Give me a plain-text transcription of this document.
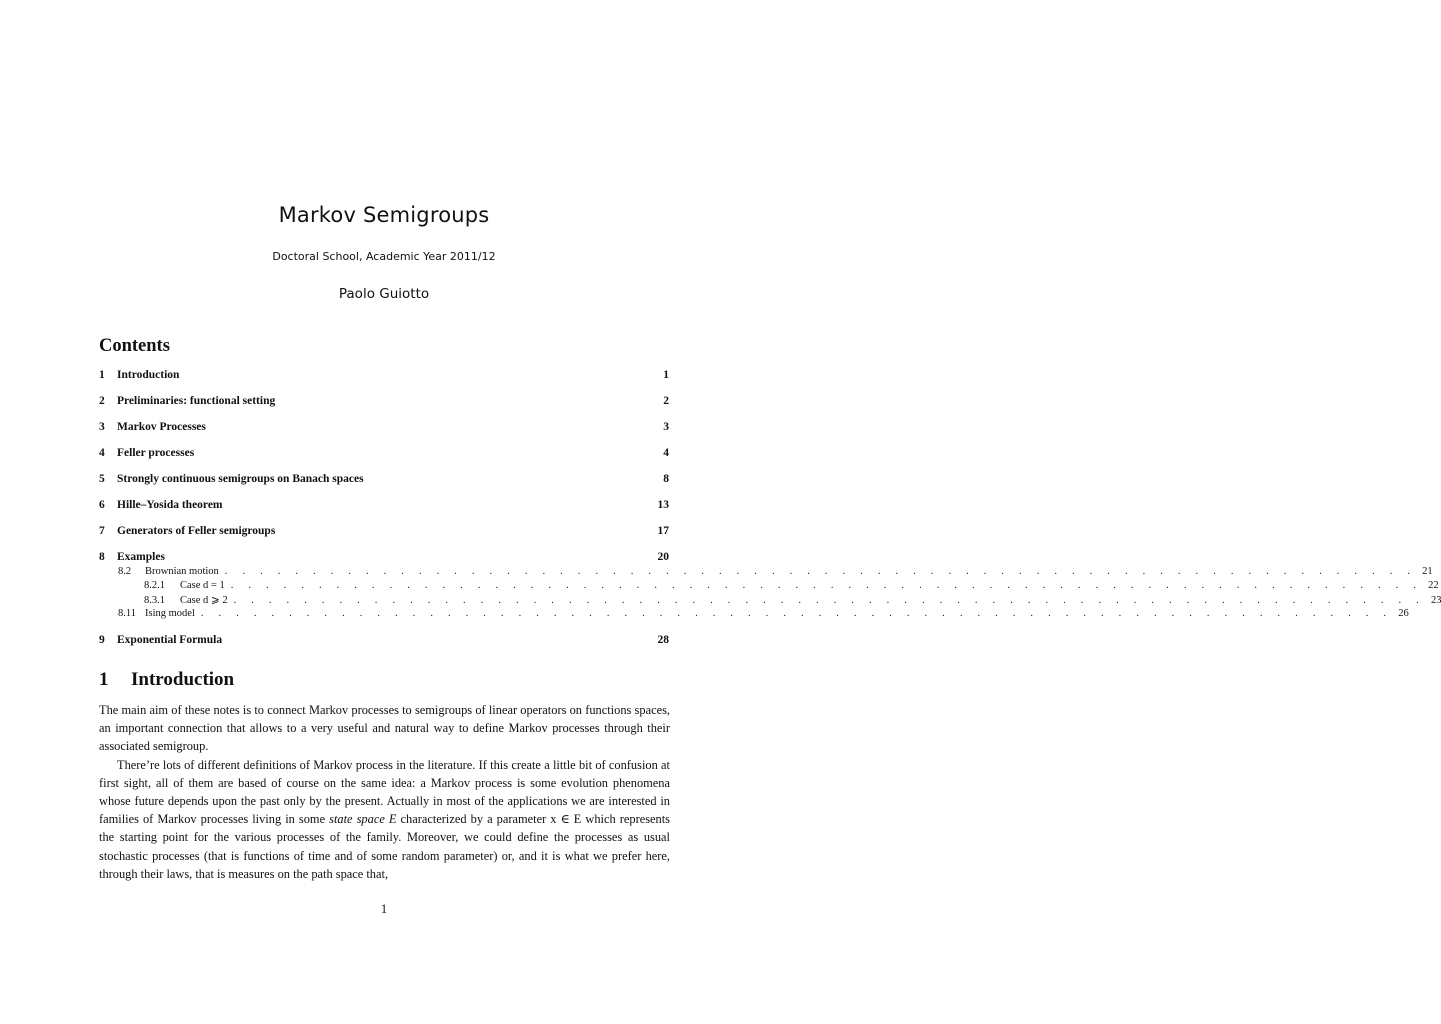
Markov Semigroups
Doctoral School, Academic Year 2011/12
Paolo Guiotto
Contents
1	Introduction	1
2	Preliminaries: functional setting	2
3	Markov Processes	3
4	Feller processes	4
5	Strongly continuous semigroups on Banach spaces	8
6	Hille–Yosida theorem	13
7	Generators of Feller semigroups	17
8	Examples	20
8.2	Brownian motion . . . . . . . . . . . . . . . . . . . . . . . . . . . . . . . . . . . . . . . . . . . . . . . . . . . . . . . . . . . . . . . . . . . . 21
8.2.1	Case d = 1 . . . . . . . . . . . . . . . . . . . . . . . . . . . . . . . . . . . . . . . . . . . . . . . . . . . . . . . . . . . . . . . . . . . . 22
8.3.1	Case d ⩾ 2 . . . . . . . . . . . . . . . . . . . . . . . . . . . . . . . . . . . . . . . . . . . . . . . . . . . . . . . . . . . . . . . . . . . . 23
8.11 Ising model . . . . . . . . . . . . . . . . . . . . . . . . . . . . . . . . . . . . . . . . . . . . . . . . . . . . . . . . . . . . . . . . . . . . 26
9	Exponential Formula	28
1	Introduction

The main aim of these notes is to connect Markov processes to semigroups of linear operators on functions spaces, an important connection that allows to a very useful and natural way to define Markov processes through their associated semigroup.

There’re lots of different definitions of Markov process in the literature. If this create a little bit of confusion at first sight, all of them are based of course on the same idea: a Markov process is some evolution phenomena whose future depends upon the past only by the present. Actually in most of the applications we are interested in families of Markov processes living in some state space E characterized by a parameter x ∈ E which represents the starting point for the various processes of the family. Moreover, we could define the processes as usual stochastic processes (that is functions of time and of some random parameter) or, and it is what we prefer here, through their laws, that is measures on the path space that,

1
